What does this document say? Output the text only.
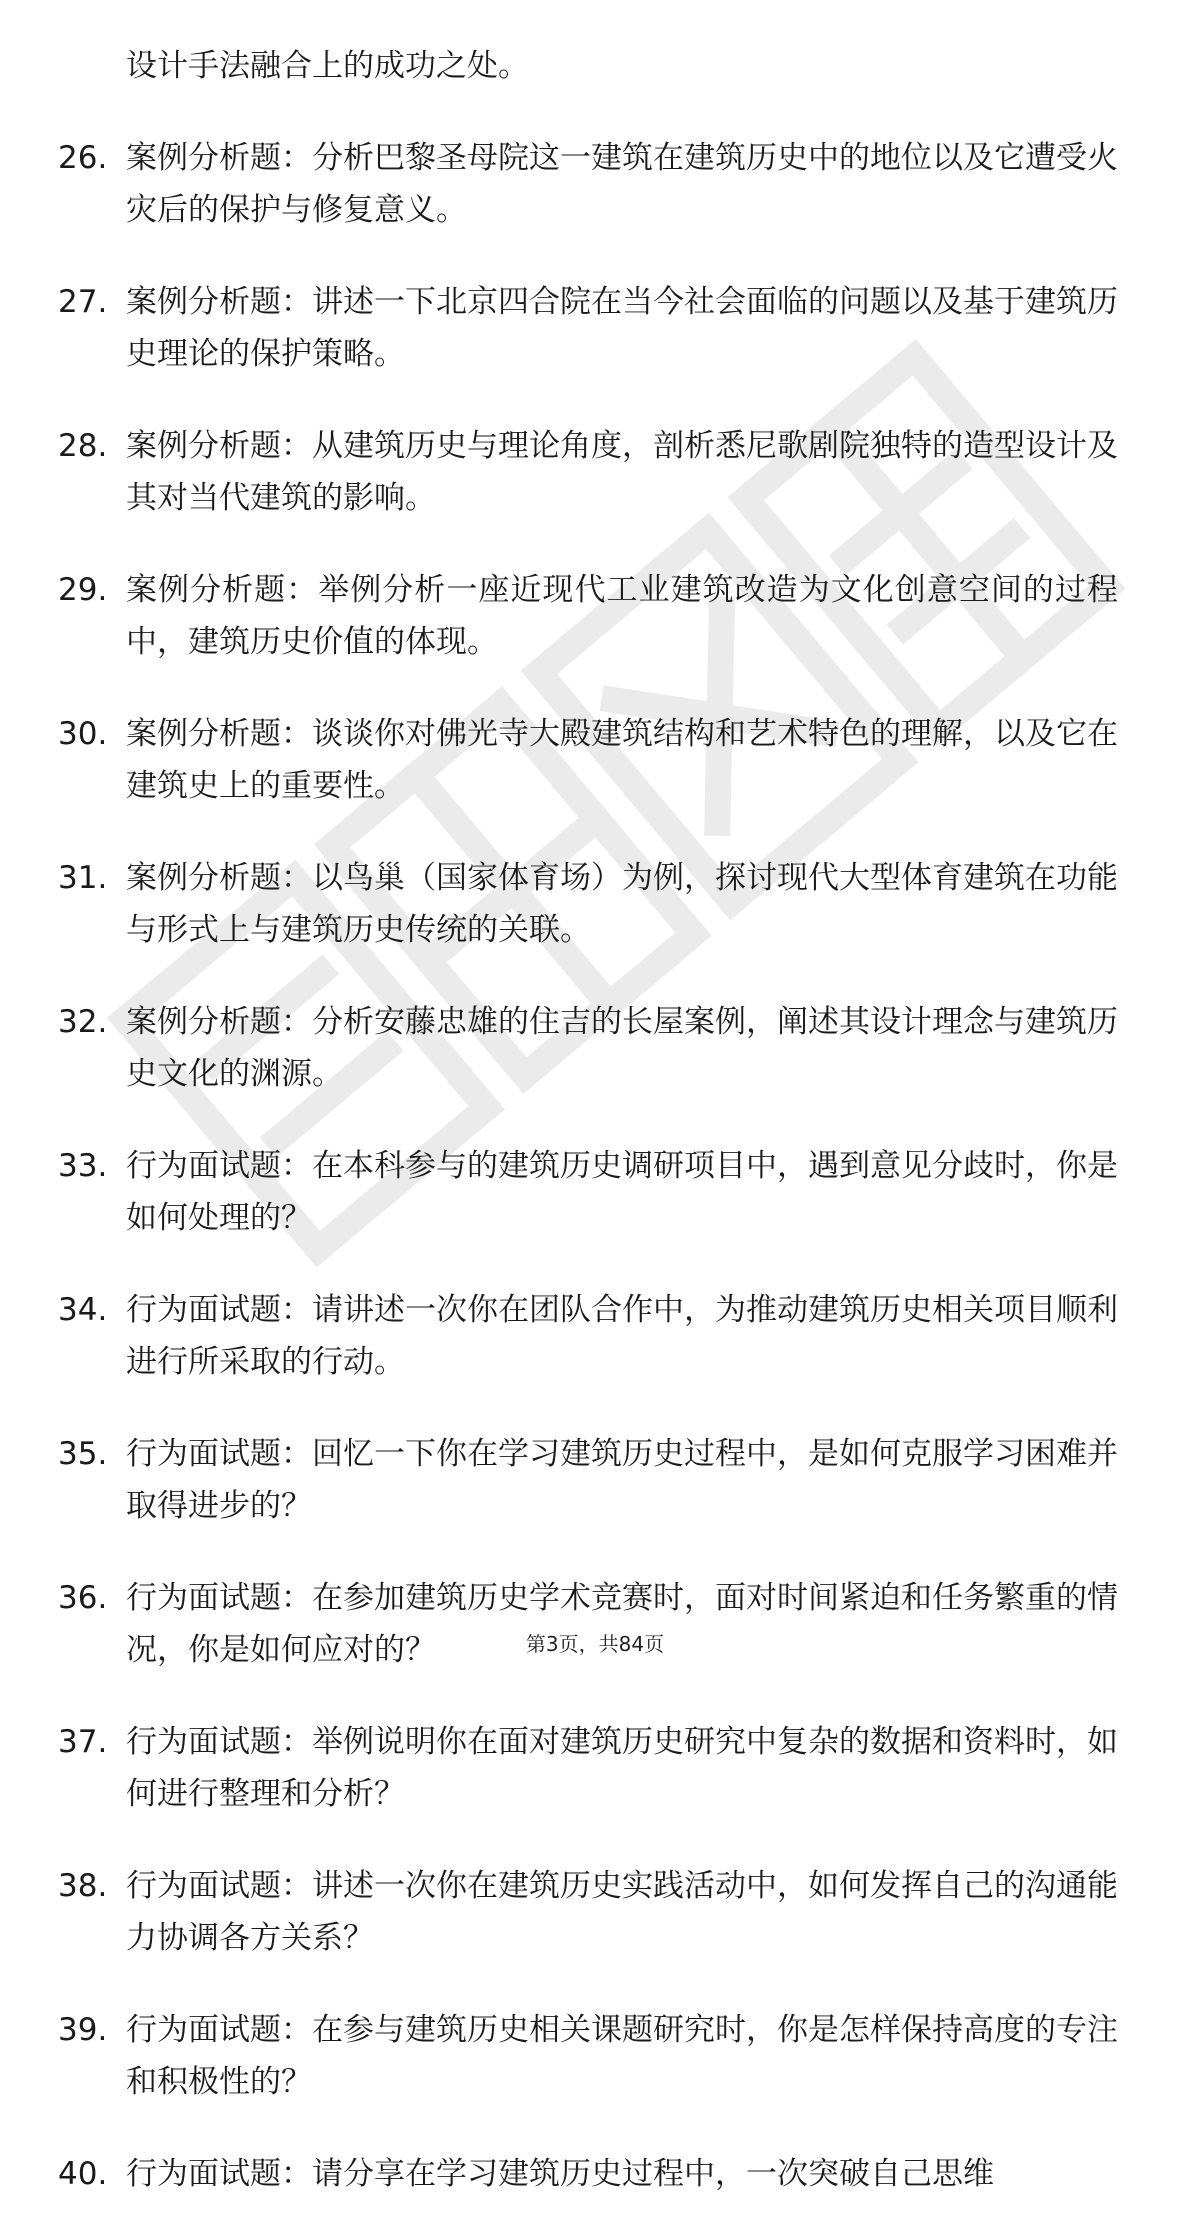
设计手法融合上的成功之处。
26. 案例分析题：分析巴黎圣母院这一建筑在建筑历史中的地位以及它遭受火灾后的保护与修复意义。
27. 案例分析题：讲述一下北京四合院在当今社会面临的问题以及基于建筑历史理论的保护策略。
28. 案例分析题：从建筑历史与理论角度，剖析悉尼歌剧院独特的造型设计及其对当代建筑的影响。
29. 案例分析题：举例分析一座近现代工业建筑改造为文化创意空间的过程中，建筑历史价值的体现。
30. 案例分析题：谈谈你对佛光寺大殿建筑结构和艺术特色的理解，以及它在建筑史上的重要性。
31. 案例分析题：以鸟巢（国家体育场）为例，探讨现代大型体育建筑在功能与形式上与建筑历史传统的关联。
32. 案例分析题：分析安藤忠雄的住吉的长屋案例，阐述其设计理念与建筑历史文化的渊源。
33. 行为面试题：在本科参与的建筑历史调研项目中，遇到意见分歧时，你是如何处理的？
34. 行为面试题：请讲述一次你在团队合作中，为推动建筑历史相关项目顺利进行所采取的行动。
35. 行为面试题：回忆一下你在学习建筑历史过程中，是如何克服学习困难并取得进步的？
36. 行为面试题：在参加建筑历史学术竞赛时，面对时间紧迫和任务繁重的情况，你是如何应对的？
37. 行为面试题：举例说明你在面对建筑历史研究中复杂的数据和资料时，如何进行整理和分析？
38. 行为面试题：讲述一次你在建筑历史实践活动中，如何发挥自己的沟通能力协调各方关系？
39. 行为面试题：在参与建筑历史相关课题研究时，你是怎样保持高度的专注和积极性的？
40. 行为面试题：请分享在学习建筑历史过程中，一次突破自己思维
第3页，共84页
